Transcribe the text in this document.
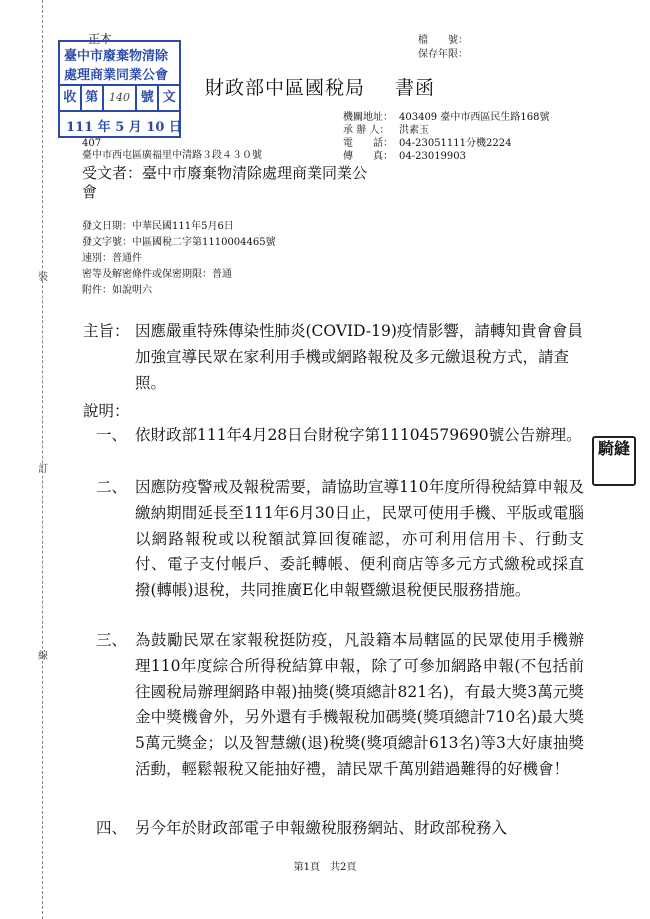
裝
訂
線
正本
臺中市廢棄物清除
處理商業同業公會
收 第 140 號 文
111 年 5 月 10 日
檔　　號：
保存年限：
財政部中區國稅局 書函
機關地址： 403409 臺中市西區民生路168號
承 辦 人： 洪素玉
電　　話： 04-23051111分機2224
傳　　真： 04-23019903
407
臺中市西屯區廣福里中清路３段４３０號
受文者：臺中市廢棄物清除處理商業同業公會
發文日期：中華民國111年5月6日
發文字號：中區國稅二字第1110004465號
速別：普通件
密等及解密條件或保密期限：普通
附件：如說明六
主旨： 因應嚴重特殊傳染性肺炎(COVID-19)疫情影響，請轉知貴會會員加強宣導民眾在家利用手機或網路報稅及多元繳退稅方式，請查照。
說明：
一、 依財政部111年4月28日台財稅字第11104579690號公告辦理。
二、 因應防疫警戒及報稅需要，請協助宣導110年度所得稅結算申報及繳納期間延長至111年6月30日止，民眾可使用手機、平版或電腦以網路報稅或以稅額試算回復確認，亦可利用信用卡、行動支付、電子支付帳戶、委託轉帳、便利商店等多元方式繳稅或採直撥(轉帳)退稅，共同推廣E化申報暨繳退稅便民服務措施。
三、 為鼓勵民眾在家報稅挺防疫，凡設籍本局轄區的民眾使用手機辦理110年度綜合所得稅結算申報，除了可參加網路申報(不包括前往國稅局辦理網路申報)抽獎(獎項總計821名)，有最大獎3萬元獎金中獎機會外，另外還有手機報稅加碼獎(獎項總計710名)最大獎5萬元獎金；以及智慧繳(退)稅獎(獎項總計613名)等3大好康抽獎活動，輕鬆報稅又能抽好禮，請民眾千萬別錯過難得的好機會！
四、 另今年於財政部電子申報繳稅服務網站、財政部稅務入
騎縫
第1頁　共2頁
